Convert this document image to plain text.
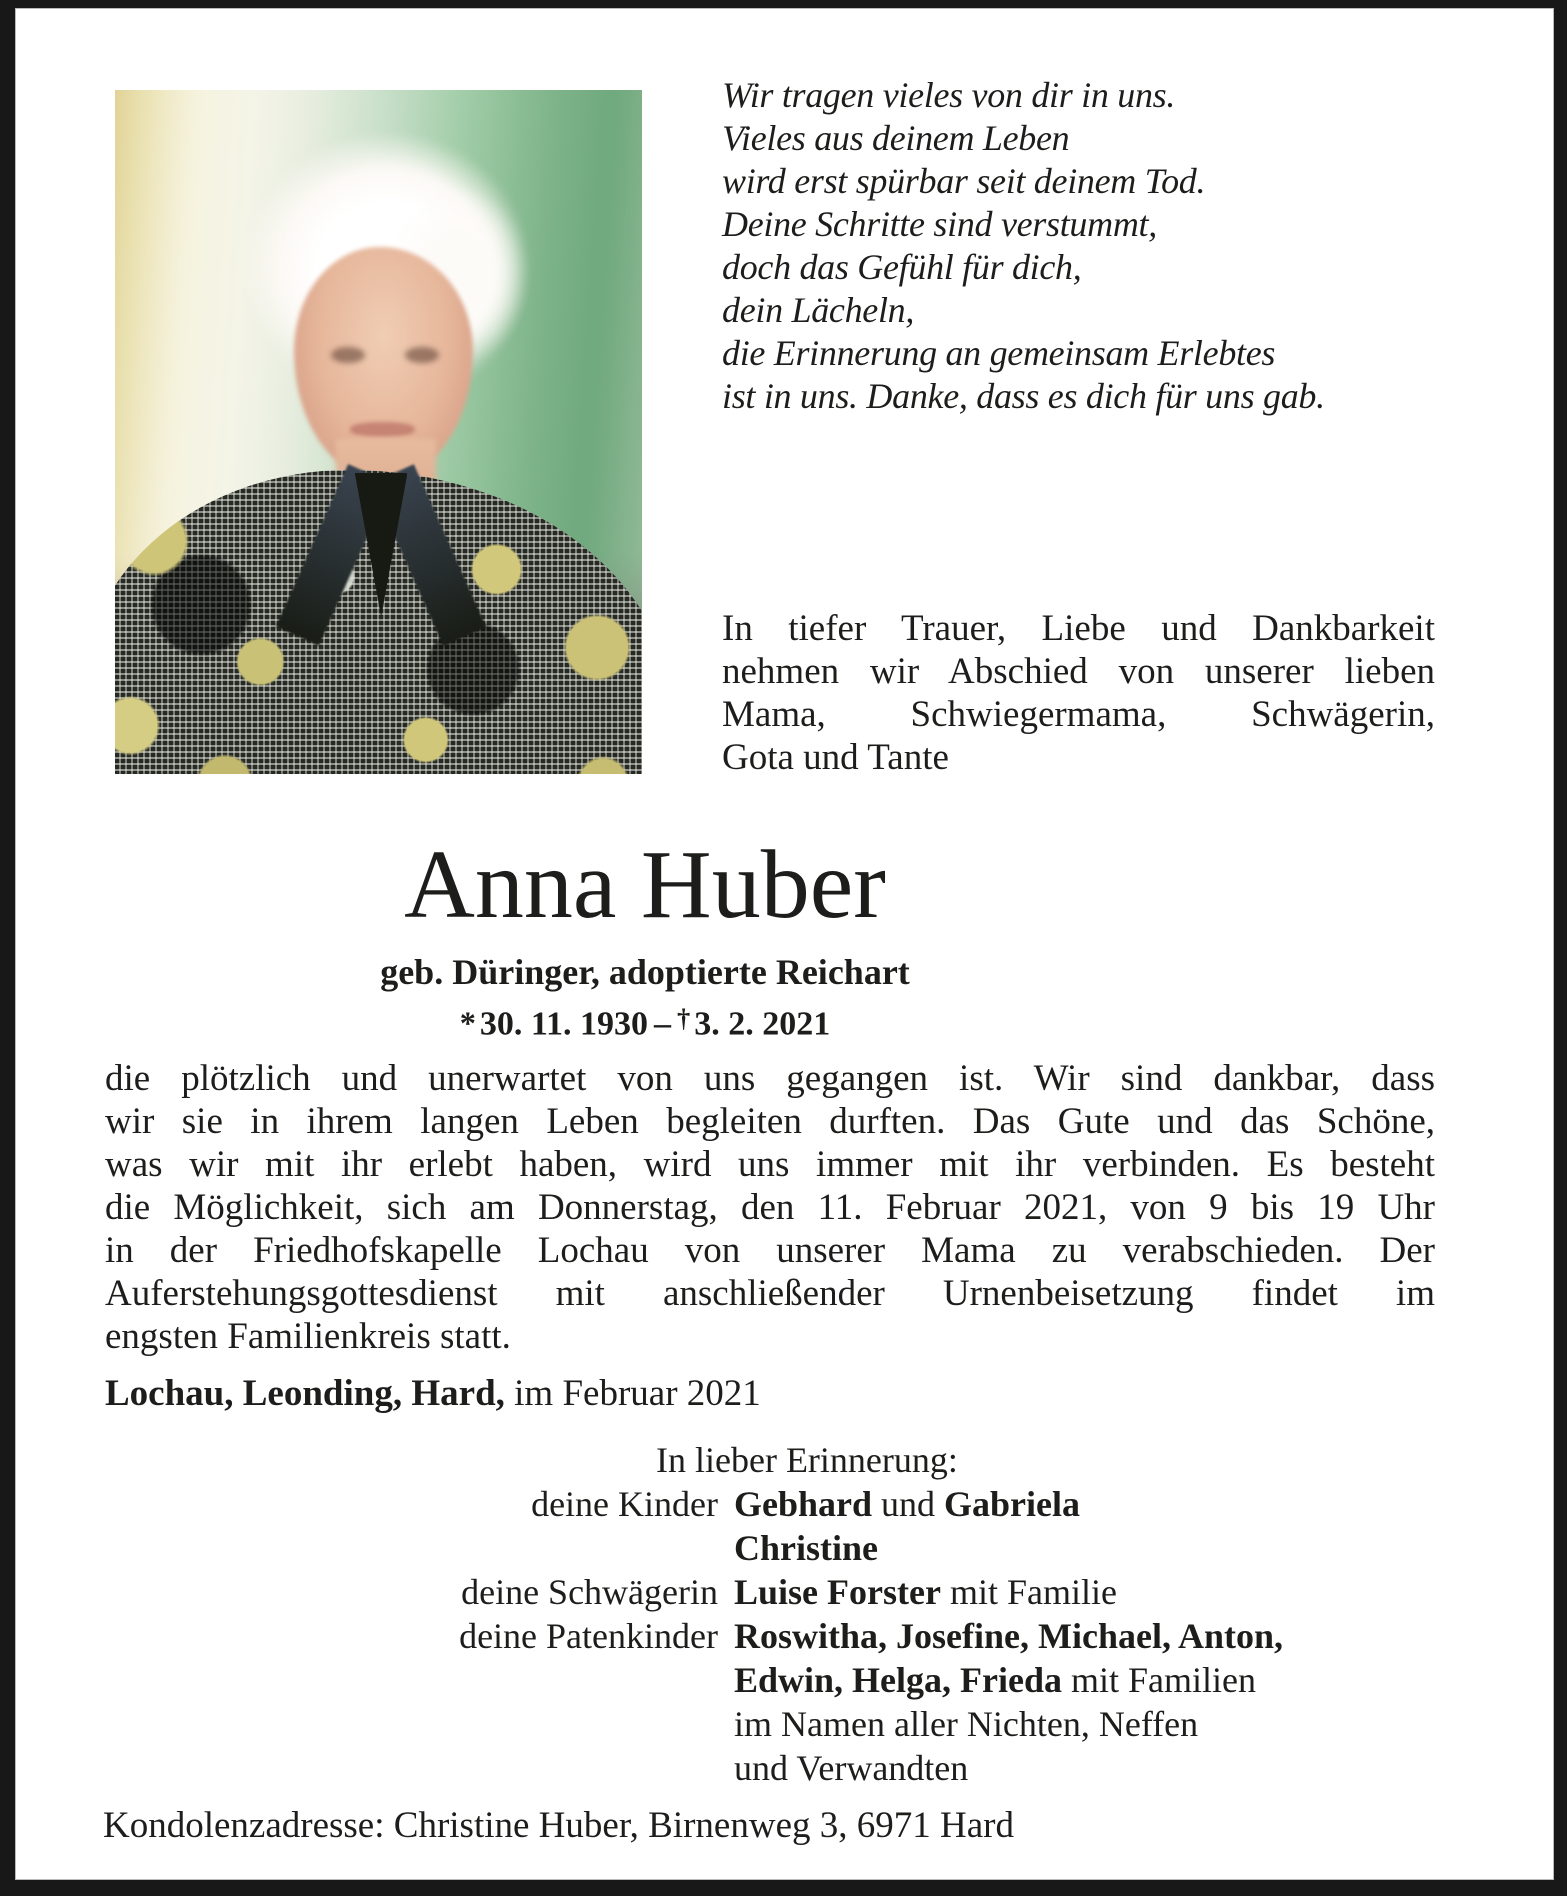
Wir tragen vieles von dir in uns.
Vieles aus deinem Leben
wird erst spürbar seit deinem Tod.
Deine Schritte sind verstummt,
doch das Gefühl für dich,
dein Lächeln,
die Erinnerung an gemeinsam Erlebtes
ist in uns. Danke, dass es dich für uns gab.
In tiefer Trauer, Liebe und Dankbarkeit
nehmen wir Abschied von unserer lieben
Mama, Schwiegermama, Schwägerin,
Gota und Tante
Anna Huber
geb. Düringer, adoptierte Reichart
* 30. 11. 1930 – † 3. 2. 2021
die plötzlich und unerwartet von uns gegangen ist. Wir sind dankbar, dass
wir sie in ihrem langen Leben begleiten durften. Das Gute und das Schöne,
was wir mit ihr erlebt haben, wird uns immer mit ihr verbinden. Es besteht
die Möglichkeit, sich am Donnerstag, den 11. Februar 2021, von 9 bis 19 Uhr
in der Friedhofskapelle Lochau von unserer Mama zu verabschieden. Der
Auferstehungsgottesdienst mit anschließender Urnenbeisetzung findet im
engsten Familienkreis statt.
Lochau, Leonding, Hard, im Februar 2021
In lieber Erinnerung:
deine Kinder Gebhard und Gabriela
Christine
deine Schwägerin Luise Forster mit Familie
deine Patenkinder Roswitha, Josefine, Michael, Anton,
Edwin, Helga, Frieda mit Familien
im Namen aller Nichten, Neffen
und Verwandten
Kondolenzadresse: Christine Huber, Birnenweg 3, 6971 Hard
